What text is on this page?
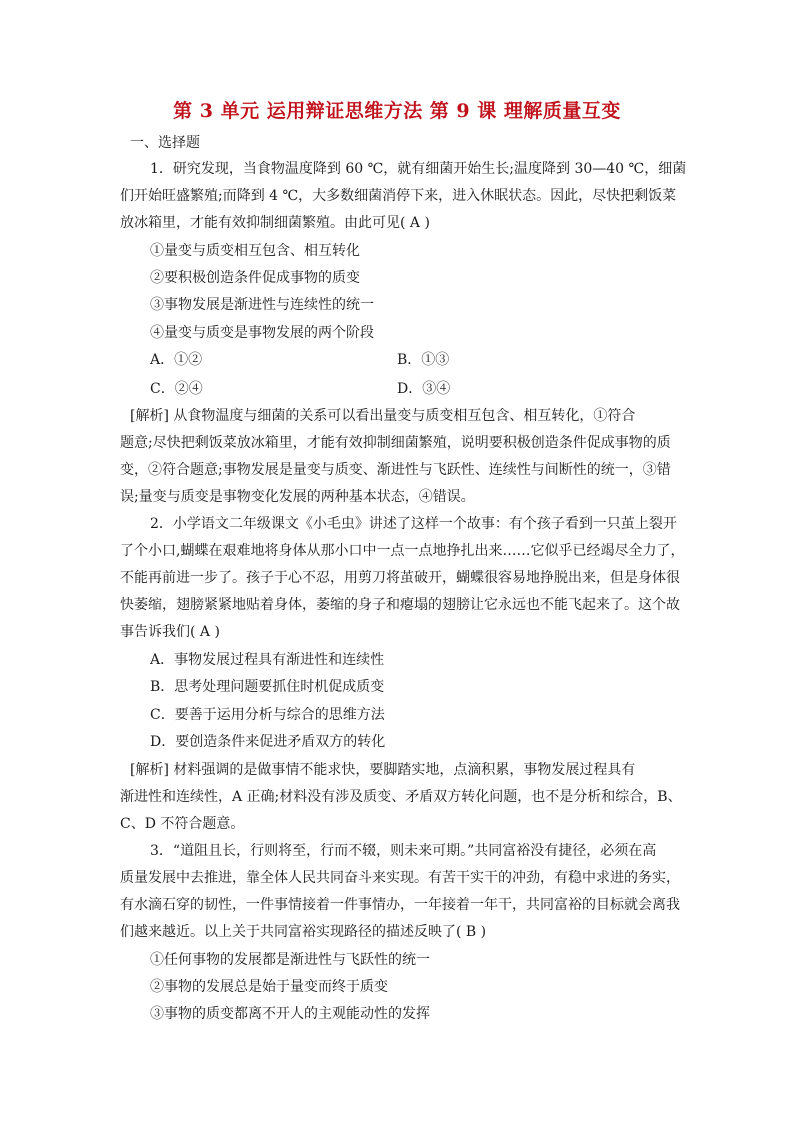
第 3 单元 运用辩证思维方法 第 9 课 理解质量互变
一、选择题
1．研究发现，当食物温度降到 60 ℃，就有细菌开始生长;温度降到 30—40 ℃，细菌
们开始旺盛繁殖;而降到 4 ℃，大多数细菌消停下来，进入休眠状态。因此，尽快把剩饭菜
放冰箱里，才能有效抑制细菌繁殖。由此可见( A )
①量变与质变相互包含、相互转化
②要积极创造条件促成事物的质变
③事物发展是渐进性与连续性的统一
④量变与质变是事物发展的两个阶段
A．①②	B．①③
C．②④	D．③④
[解析] 从食物温度与细菌的关系可以看出量变与质变相互包含、相互转化，①符合
题意;尽快把剩饭菜放冰箱里，才能有效抑制细菌繁殖，说明要积极创造条件促成事物的质
变，②符合题意;事物发展是量变与质变、渐进性与飞跃性、连续性与间断性的统一，③错
误;量变与质变是事物变化发展的两种基本状态，④错误。
2．小学语文二年级课文《小毛虫》讲述了这样一个故事：有个孩子看到一只茧上裂开
了个小口,蝴蝶在艰难地将身体从那小口中一点一点地挣扎出来……它似乎已经竭尽全力了，
不能再前进一步了。孩子于心不忍，用剪刀将茧破开，蝴蝶很容易地挣脱出来，但是身体很
快萎缩，翅膀紧紧地贴着身体，萎缩的身子和瘪塌的翅膀让它永远也不能飞起来了。这个故
事告诉我们( A )
A．事物发展过程具有渐进性和连续性
B．思考处理问题要抓住时机促成质变
C．要善于运用分析与综合的思维方法
D．要创造条件来促进矛盾双方的转化
[解析] 材料强调的是做事情不能求快，要脚踏实地，点滴积累，事物发展过程具有
渐进性和连续性，A 正确;材料没有涉及质变、矛盾双方转化问题，也不是分析和综合，B、
C、D 不符合题意。
3．“道阻且长，行则将至，行而不辍，则未来可期。”共同富裕没有捷径，必须在高
质量发展中去推进，靠全体人民共同奋斗来实现。有苦干实干的冲劲，有稳中求进的务实，
有水滴石穿的韧性，一件事情接着一件事情办，一年接着一年干，共同富裕的目标就会离我
们越来越近。以上关于共同富裕实现路径的描述反映了( B )
①任何事物的发展都是渐进性与飞跃性的统一
②事物的发展总是始于量变而终于质变
③事物的质变都离不开人的主观能动性的发挥
